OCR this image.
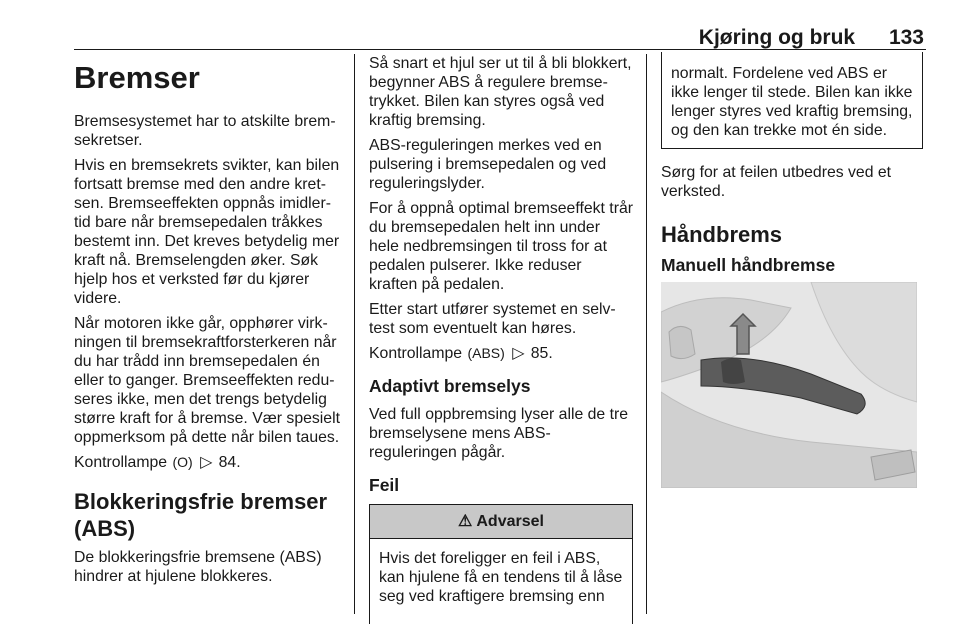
Kjøring og bruk 133
Bremser

Bremsesystemet har to atskilte brem-sekretser.

Hvis en bremsekrets svikter, kan bilen fortsatt bremse med den andre kret-sen. Bremseeffekten oppnås imidler-tid bare når bremsepedalen tråkkes bestemt inn. Det kreves betydelig mer kraft nå. Bremselengden øker. Søk hjelp hos et verksted før du kjører videre.

Når motoren ikke går, opphører virk-ningen til bremsekraftforsterkeren når du har trådd inn bremsepedalen én eller to ganger. Bremseeffekten redu-seres ikke, men det trengs betydelig større kraft for å bremse. Vær spesielt oppmerksom på dette når bilen taues.

Kontrollampe (O) ▷ 84.

Blokkeringsfrie bremser (ABS)

De blokkeringsfrie bremsene (ABS) hindrer at hjulene blokkeres.

Så snart et hjul ser ut til å bli blokkert, begynner ABS å regulere bremse-trykket. Bilen kan styres også ved kraftig bremsing.

ABS-reguleringen merkes ved en pulsering i bremsepedalen og ved reguleringslyder.

For å oppnå optimal bremseeffekt trår du bremsepedalen helt inn under hele nedbremsingen til tross for at pedalen pulserer. Ikke reduser kraften på pedalen.

Etter start utfører systemet en selv-test som eventuelt kan høres.

Kontrollampe (ABS) ▷ 85.

Adaptivt bremselys

Ved full oppbremsing lyser alle de tre bremselysene mens ABS-reguleringen pågår.

Feil
⚠ Advarsel
Hvis det foreligger en feil i ABS, kan hjulene få en tendens til å låse seg ved kraftigere bremsing enn
normalt. Fordelene ved ABS er ikke lenger til stede. Bilen kan ikke lenger styres ved kraftig bremsing, og den kan trekke mot én side.

Sørg for at feilen utbedres ved et verksted.

Håndbrems
Manuell håndbremse
